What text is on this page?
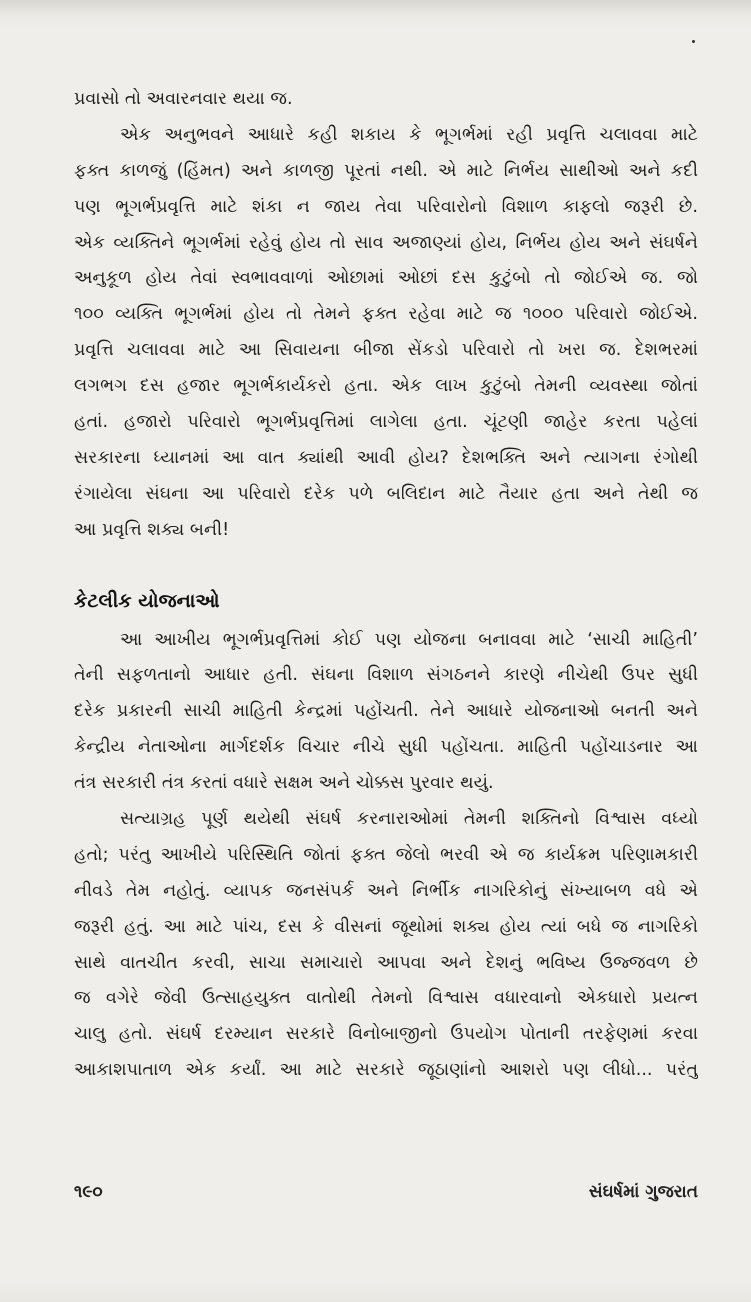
પ્રવાસો તો અવારનવાર થયા જ.

એક અનુભવને આધારે કહી શકાય કે ભૂગર્ભમાં રહી પ્રવૃત્તિ ચલાવવા માટે

ફક્ત કાળજું (હિંમત) અને કાળજી પૂરતાં નથી. એ માટે નિર્ભય સાથીઓ અને કદી

પણ ભૂગર્ભપ્રવૃત્તિ માટે શંકા ન જાય તેવા પરિવારોનો વિશાળ કાફલો જરૂરી છે.

એક વ્યક્તિને ભૂગર્ભમાં રહેવું હોય તો સાવ અજાણ્યાં હોય, નિર્ભય હોય અને સંઘર્ષને

અનુકૂળ હોય તેવાં સ્વભાવવાળાં ઓછામાં ઓછાં દસ કુટુંબો તો જોઈએ જ. જો

૧૦૦ વ્યક્તિ ભૂગર્ભમાં હોય તો તેમને ફક્ત રહેવા માટે જ ૧૦૦૦ પરિવારો જોઈએ.

પ્રવૃત્તિ ચલાવવા માટે આ સિવાયના બીજા સેંકડો પરિવારો તો ખરા જ. દેશભરમાં

લગભગ દસ હજાર ભૂગર્ભકાર્યકરો હતા. એક લાખ કુટુંબો તેમની વ્યવસ્થા જોતાં

હતાં. હજારો પરિવારો ભૂગર્ભપ્રવૃત્તિમાં લાગેલા હતા. ચૂંટણી જાહેર કરતા પહેલાં

સરકારના ધ્યાનમાં આ વાત ક્યાંથી આવી હોય? દેશભક્તિ અને ત્યાગના રંગોથી

રંગાયેલા સંઘના આ પરિવારો દરેક પળે બલિદાન માટે તૈયાર હતા અને તેથી જ

આ પ્રવૃત્તિ શક્ય બની!

કેટલીક યોજનાઓ

આ આખીય ભૂગર્ભપ્રવૃત્તિમાં કોઈ પણ યોજના બનાવવા માટે ‘સાચી માહિતી’

તેની સફળતાનો આધાર હતી. સંઘના વિશાળ સંગઠનને કારણે નીચેથી ઉપર સુધી

દરેક પ્રકારની સાચી માહિતી કેન્દ્રમાં પહોંચતી. તેને આધારે યોજનાઓ બનતી અને

કેન્દ્રીય નેતાઓના માર્ગદર્શક વિચાર નીચે સુધી પહોંચતા. માહિતી પહોંચાડનાર આ

તંત્ર સરકારી તંત્ર કરતાં વધારે સક્ષમ અને ચોક્કસ પુરવાર થયું.

સત્યાગ્રહ પૂર્ણ થયેથી સંઘર્ષ કરનારાઓમાં તેમની શક્તિનો વિશ્વાસ વધ્યો

હતો; પરંતુ આખીયે પરિસ્થિતિ જોતાં ફક્ત જેલો ભરવી એ જ કાર્યક્રમ પરિણામકારી

નીવડે તેમ નહોતું. વ્યાપક જનસંપર્ક અને નિર્ભીક નાગરિકોનું સંખ્યાબળ વધે એ

જરૂરી હતું. આ માટે પાંચ, દસ કે વીસનાં જૂથોમાં શક્ય હોય ત્યાં બધે જ નાગરિકો

સાથે વાતચીત કરવી, સાચા સમાચારો આપવા અને દેશનું ભવિષ્ય ઉજ્જવળ છે

જ વગેરે જેવી ઉત્સાહયુક્ત વાતોથી તેમનો વિશ્વાસ વધારવાનો એકધારો પ્રયત્ન

ચાલુ હતો. સંઘર્ષ દરમ્યાન સરકારે વિનોબાજીનો ઉપયોગ પોતાની તરફેણમાં કરવા

આકાશપાતાળ એક કર્યાં. આ માટે સરકારે જૂઠાણાંનો આશરો પણ લીધો... પરંતુ

૧૯૦	સંઘર્ષમાં ગુજરાત
